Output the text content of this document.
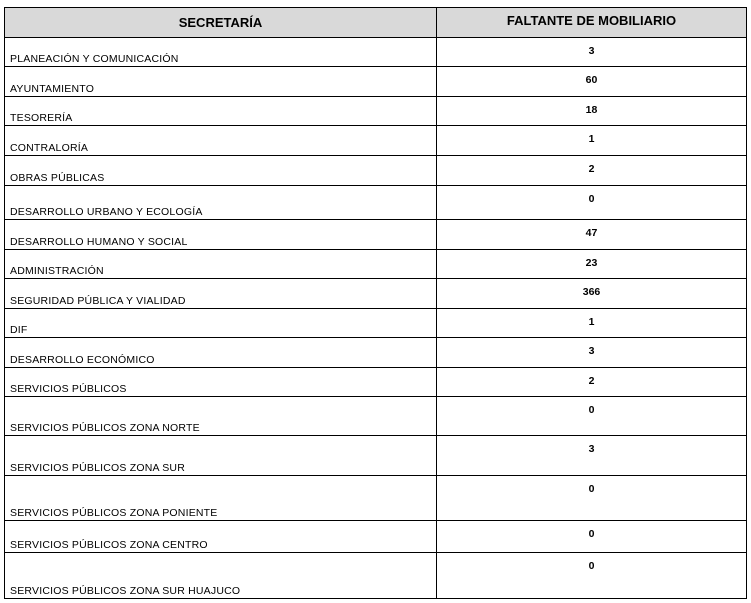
SECRETARÍA	FALTANTE DE MOBILIARIO

PLANEACIÓN Y COMUNICACIÓN	3

AYUNTAMIENTO	60

TESORERÍA	18

CONTRALORÍA	1

OBRAS PÚBLICAS	2

DESARROLLO URBANO Y ECOLOGÍA	0

DESARROLLO HUMANO Y SOCIAL	47

ADMINISTRACIÓN	23

SEGURIDAD PÚBLICA Y VIALIDAD	366

DIF	1

DESARROLLO ECONÓMICO	3

SERVICIOS PÚBLICOS	2

SERVICIOS PÚBLICOS ZONA NORTE	0

SERVICIOS PÚBLICOS ZONA SUR	3

SERVICIOS PÚBLICOS ZONA PONIENTE	0

SERVICIOS PÚBLICOS ZONA CENTRO	0

SERVICIOS PÚBLICOS ZONA SUR HUAJUCO	0
